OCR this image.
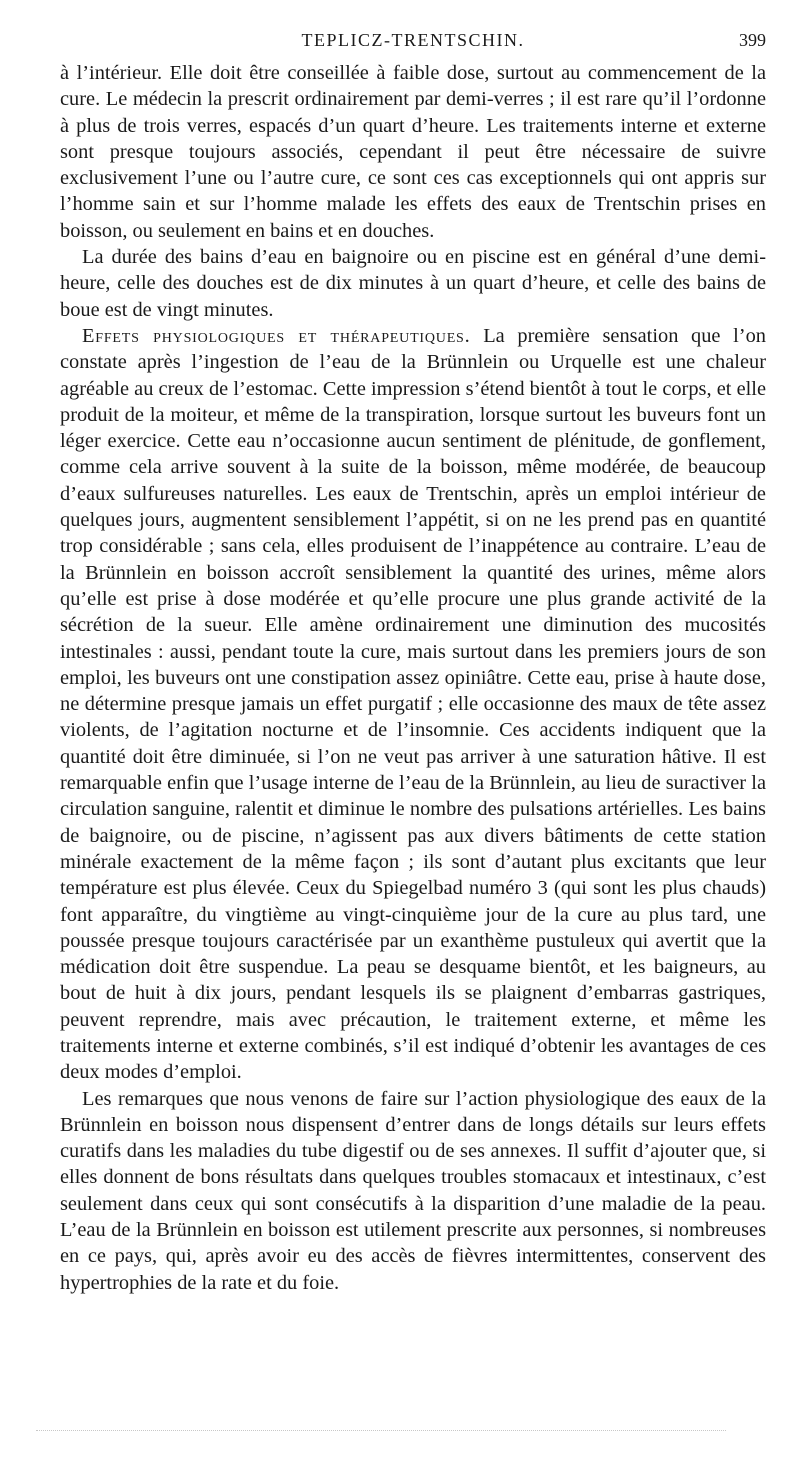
TEPLICZ-TRENTSCHIN.	399

à l’intérieur. Elle doit être conseillée à faible dose, surtout au commencement de la cure. Le médecin la prescrit ordinairement par demi-verres ; il est rare qu’il l’ordonne à plus de trois verres, espacés d’un quart d’heure. Les traitements interne et externe sont presque toujours associés, cependant il peut être nécessaire de suivre exclusivement l’une ou l’autre cure, ce sont ces cas exceptionnels qui ont appris sur l’homme sain et sur l’homme malade les effets des eaux de Trentschin prises en boisson, ou seulement en bains et en douches.

La durée des bains d’eau en baignoire ou en piscine est en général d’une demi-heure, celle des douches est de dix minutes à un quart d’heure, et celle des bains de boue est de vingt minutes.

Effets physiologiques et thérapeutiques. La première sensation que l’on constate après l’ingestion de l’eau de la Brünnlein ou Urquelle est une chaleur agréable au creux de l’estomac. Cette impression s’étend bientôt à tout le corps, et elle produit de la moiteur, et même de la transpiration, lorsque surtout les buveurs font un léger exercice. Cette eau n’occasionne aucun sentiment de plénitude, de gonflement, comme cela arrive souvent à la suite de la boisson, même modérée, de beaucoup d’eaux sulfureuses naturelles. Les eaux de Trentschin, après un emploi intérieur de quelques jours, augmentent sensiblement l’appétit, si on ne les prend pas en quantité trop considérable ; sans cela, elles produisent de l’inappétence au contraire. L’eau de la Brünnlein en boisson accroît sensiblement la quantité des urines, même alors qu’elle est prise à dose modérée et qu’elle procure une plus grande activité de la sécrétion de la sueur. Elle amène ordinairement une diminution des mucosités intestinales : aussi, pendant toute la cure, mais surtout dans les premiers jours de son emploi, les buveurs ont une constipation assez opiniâtre. Cette eau, prise à haute dose, ne détermine presque jamais un effet purgatif ; elle occasionne des maux de tête assez violents, de l’agitation nocturne et de l’insomnie. Ces accidents indiquent que la quantité doit être diminuée, si l’on ne veut pas arriver à une saturation hâtive. Il est remarquable enfin que l’usage interne de l’eau de la Brünnlein, au lieu de suractiver la circulation sanguine, ralentit et diminue le nombre des pulsations artérielles. Les bains de baignoire, ou de piscine, n’agissent pas aux divers bâtiments de cette station minérale exactement de la même façon ; ils sont d’autant plus excitants que leur température est plus élevée. Ceux du Spiegelbad numéro 3 (qui sont les plus chauds) font apparaître, du vingtième au vingt-cinquième jour de la cure au plus tard, une poussée presque toujours caractérisée par un exanthème pustuleux qui avertit que la médication doit être suspendue. La peau se desquame bientôt, et les baigneurs, au bout de huit à dix jours, pendant lesquels ils se plaignent d’embarras gastriques, peuvent reprendre, mais avec précaution, le traitement externe, et même les traitements interne et externe combinés, s’il est indiqué d’obtenir les avantages de ces deux modes d’emploi.

Les remarques que nous venons de faire sur l’action physiologique des eaux de la Brünnlein en boisson nous dispensent d’entrer dans de longs détails sur leurs effets curatifs dans les maladies du tube digestif ou de ses annexes. Il suffit d’ajouter que, si elles donnent de bons résultats dans quelques troubles stomacaux et intestinaux, c’est seulement dans ceux qui sont consécutifs à la disparition d’une maladie de la peau. L’eau de la Brünnlein en boisson est utilement prescrite aux personnes, si nombreuses en ce pays, qui, après avoir eu des accès de fièvres intermittentes, conservent des hypertrophies de la rate et du foie.
